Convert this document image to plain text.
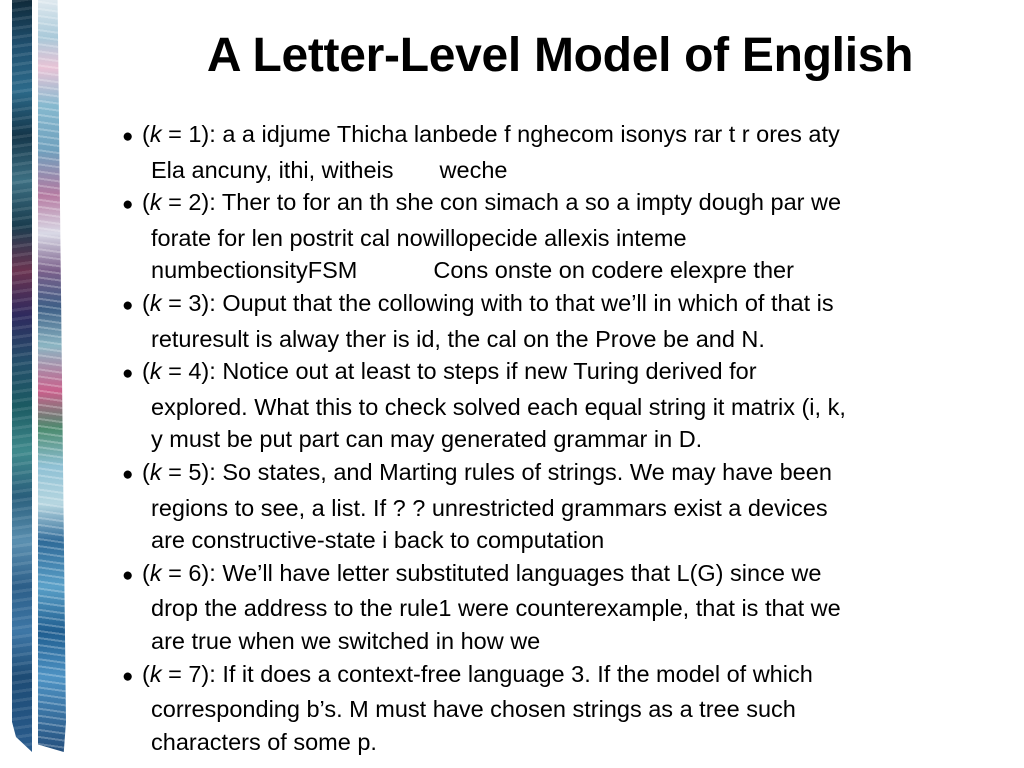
A Letter-Level Model of English
● (k = 1): a a idjume Thicha lanbede f nghecom isonys rar t r ores aty
Ela ancuny, ithi, witheis weche
● (k = 2): Ther to for an th she con simach a so a impty dough par we
forate for len postrit cal nowillopecide allexis inteme
numbectionsityFSM	Cons onste on codere elexpre ther
● (k = 3): Ouput that the collowing with to that we’ll in which of that is
returesult is alway ther is id, the cal on the Prove be and N.
● (k = 4): Notice out at least to steps if new Turing derived for
explored. What this to check solved each equal string it matrix (i, k,
y must be put part can may generated grammar in D.
● (k = 5): So states, and Marting rules of strings. We may have been
regions to see, a list. If ? ? unrestricted grammars exist a devices
are constructive-state i back to computation
● (k = 6): We’ll have letter substituted languages that L(G) since we
drop the address to the rule1 were counterexample, that is that we
are true when we switched in how we
● (k = 7): If it does a context-free language 3. If the model of which
corresponding b’s. M must have chosen strings as a tree such
characters of some p.
